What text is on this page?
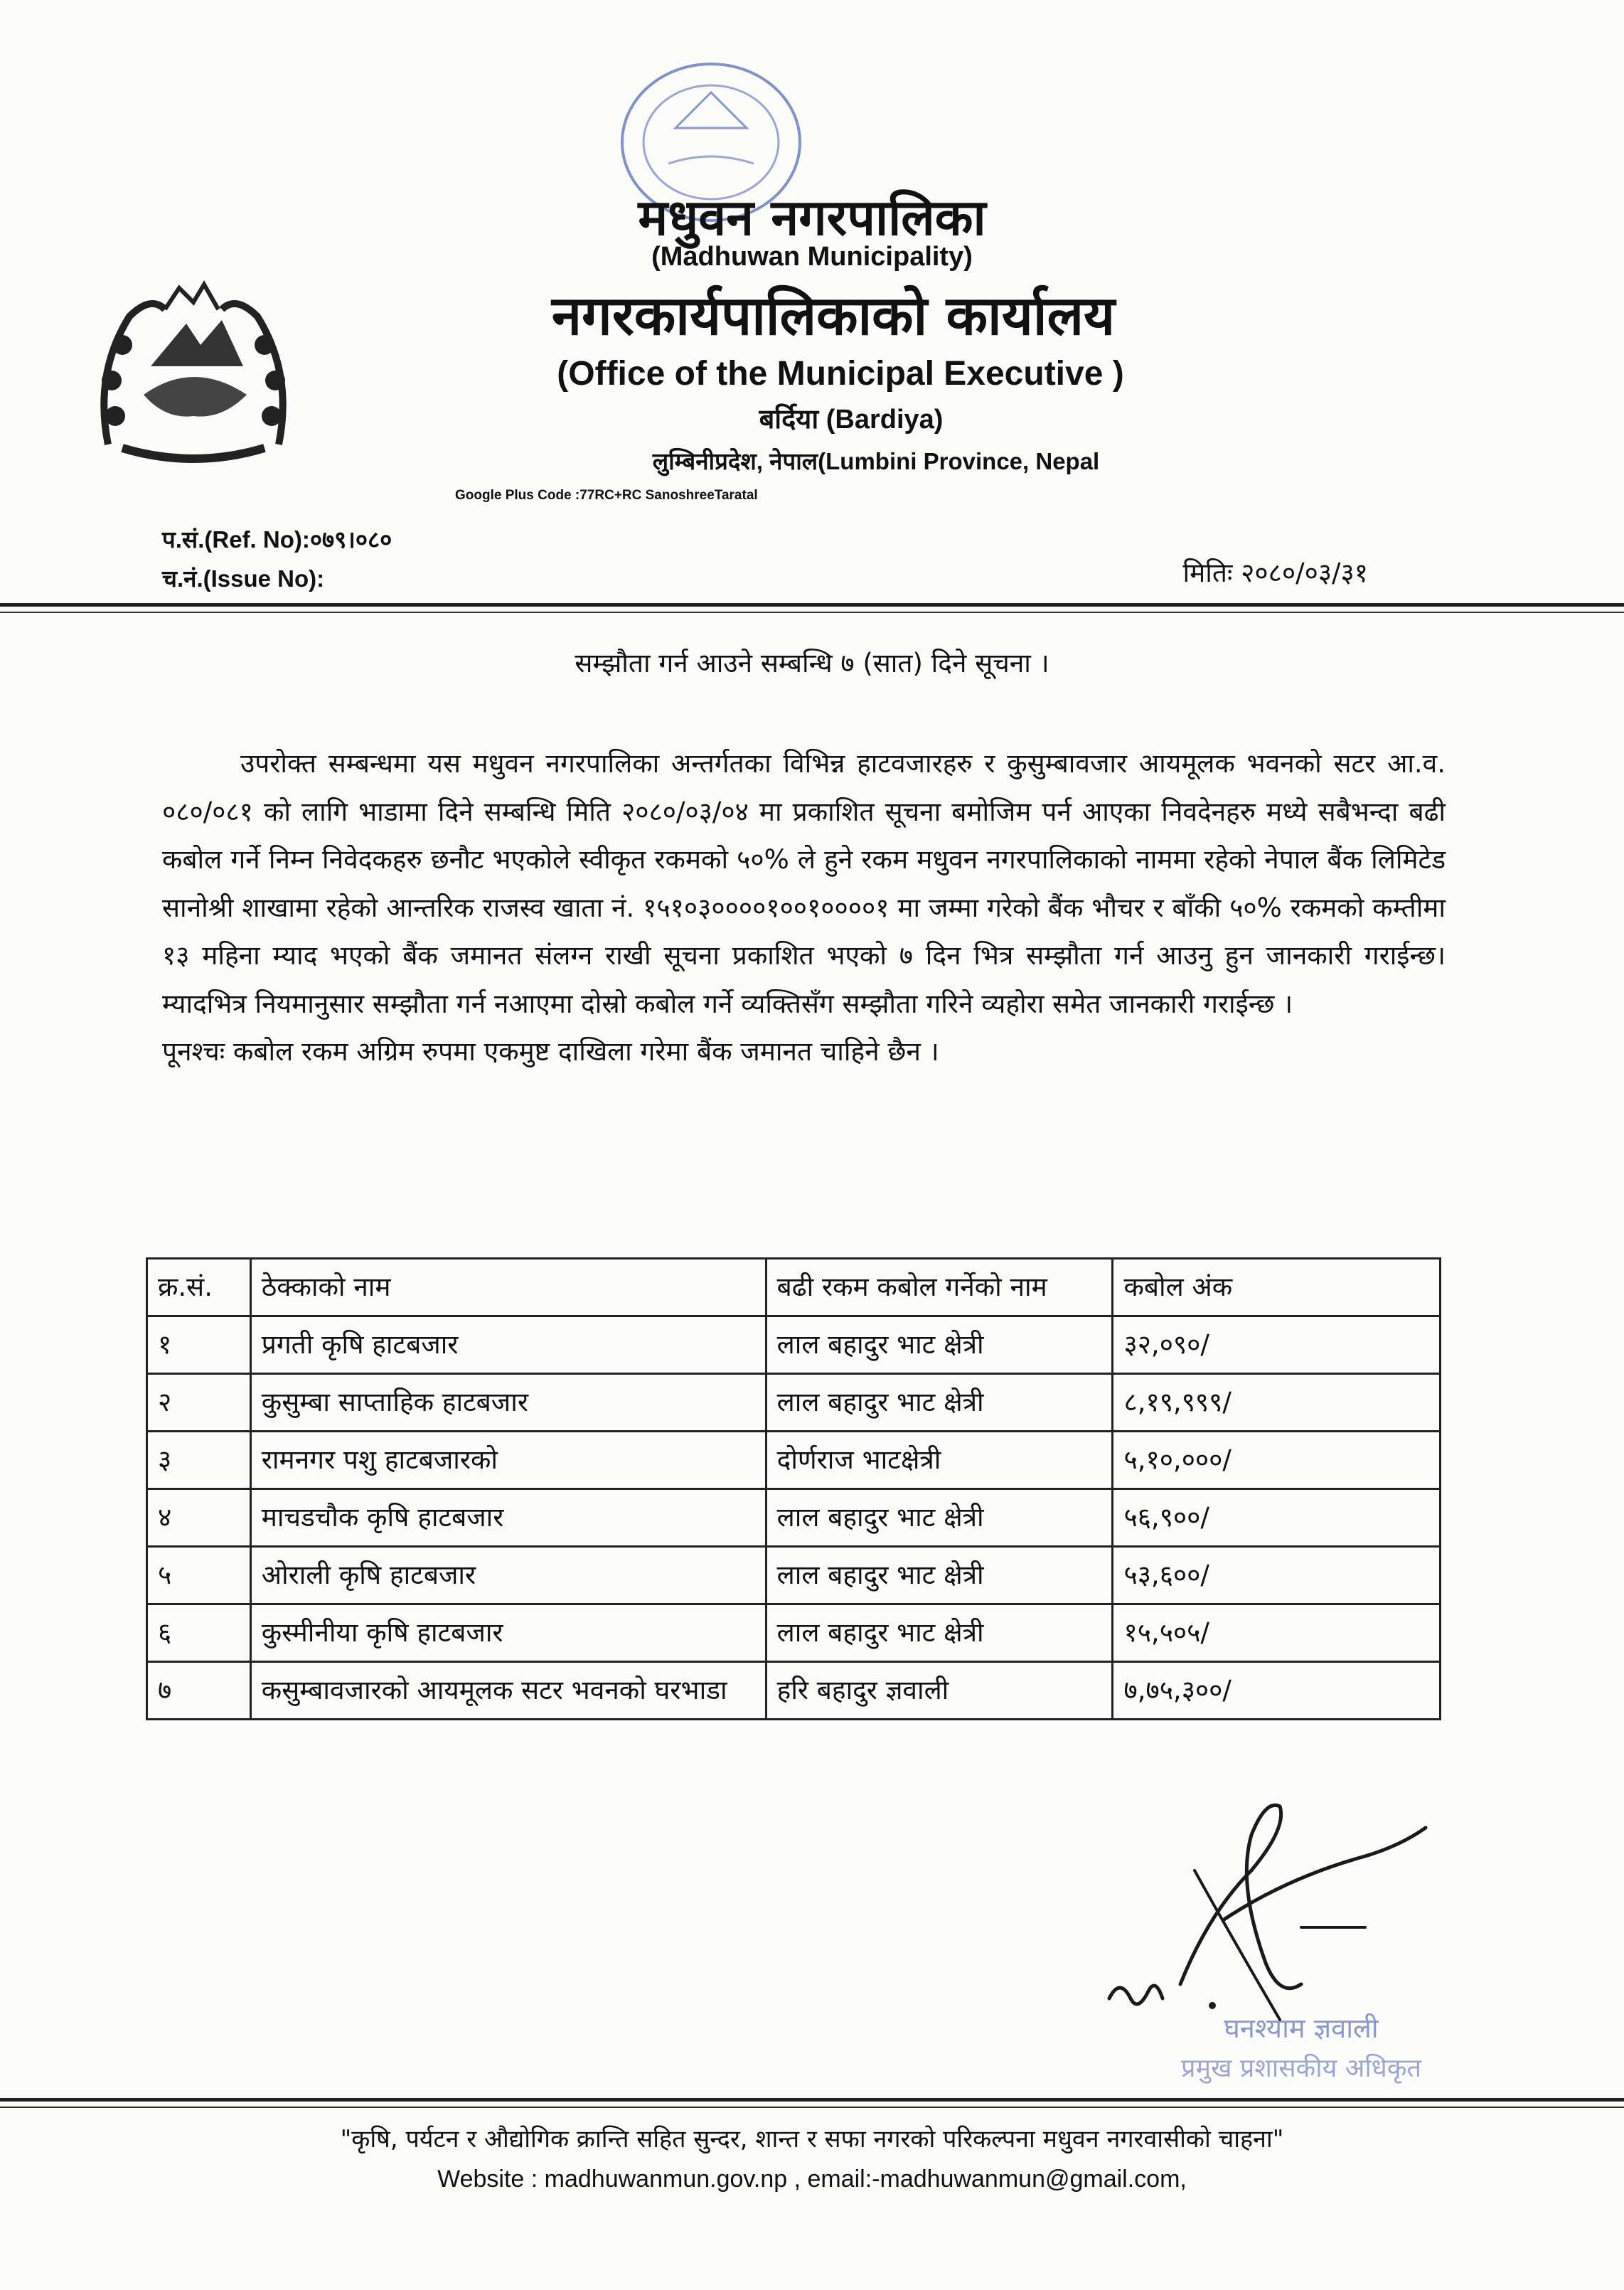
मधुवन नगरपालिका
(Madhuwan Municipality)
नगरकार्यपालिकाको कार्यालय
(Office of the Municipal Executive )
बर्दिया (Bardiya)
लुम्बिनीप्रदेश, नेपाल(Lumbini Province, Nepal
Google Plus Code :77RC+RC SanoshreeTaratal
प.सं.(Ref. No):०७९।०८०
च.नं.(Issue No):	मितिः २०८०/०३/३१
सम्झौता गर्न आउने सम्बन्धि ७ (सात) दिने सूचना ।

उपरोक्त सम्बन्धमा यस मधुवन नगरपालिका अन्तर्गतका विभिन्न हाटवजारहरु र कुसुम्बावजार आयमूलक भवनको सटर आ.व. ०८०/०८१ को लागि भाडामा दिने सम्बन्धि मिति २०८०/०३/०४ मा प्रकाशित सूचना बमोजिम पर्न आएका निवदेनहरु मध्ये सबैभन्दा बढी कबोल गर्ने निम्न निवेदकहरु छनौट भएकोले स्वीकृत रकमको ५०% ले हुने रकम मधुवन नगरपालिकाको नाममा रहेको नेपाल बैंक लिमिटेड सानोश्री शाखामा रहेको आन्तरिक राजस्व खाता नं. १५१०३००००१००१००००१ मा जम्मा गरेको बैंक भौचर र बाँकी ५०% रकमको कम्तीमा १३ महिना म्याद भएको बैंक जमानत संलग्न राखी सूचना प्रकाशित भएको ७ दिन भित्र सम्झौता गर्न आउनु हुन जानकारी गराईन्छ।म्यादभित्र नियमानुसार सम्झौता गर्न नआएमा दोस्रो कबोल गर्ने व्यक्तिसँग सम्झौता गरिने व्यहोरा समेत जानकारी गराईन्छ ।

पूनश्चः कबोल रकम अग्रिम रुपमा एकमुष्ट दाखिला गरेमा बैंक जमानत चाहिने छैन ।

क्र.सं.	ठेक्काको नाम	बढी रकम कबोल गर्नेको नाम	कबोल अंक
१	प्रगती कृषि हाटबजार	लाल बहादुर भाट क्षेत्री	३२,०९०/
२	कुसुम्बा साप्ताहिक हाटबजार	लाल बहादुर भाट क्षेत्री	८,१९,९९९/
३	रामनगर पशु हाटबजारको	दोर्णराज भाटक्षेत्री	५,१०,०००/
४	माचडचौक कृषि हाटबजार	लाल बहादुर भाट क्षेत्री	५६,९००/
५	ओराली कृषि हाटबजार	लाल बहादुर भाट क्षेत्री	५३,६००/
६	कुस्मीनीया कृषि हाटबजार	लाल बहादुर भाट क्षेत्री	१५,५०५/
७	कसुम्बावजारको आयमूलक सटर भवनको घरभाडा	हरि बहादुर ज्ञवाली	७,७५,३००/
घनश्याम ज्ञवाली
प्रमुख प्रशासकीय अधिकृत
"कृषि, पर्यटन र औद्योगिक क्रान्ति सहित सुन्दर, शान्त र सफा नगरको परिकल्पना मधुवन नगरवासीको चाहना"
Website : madhuwanmun.gov.np , email:-madhuwanmun@gmail.com,
